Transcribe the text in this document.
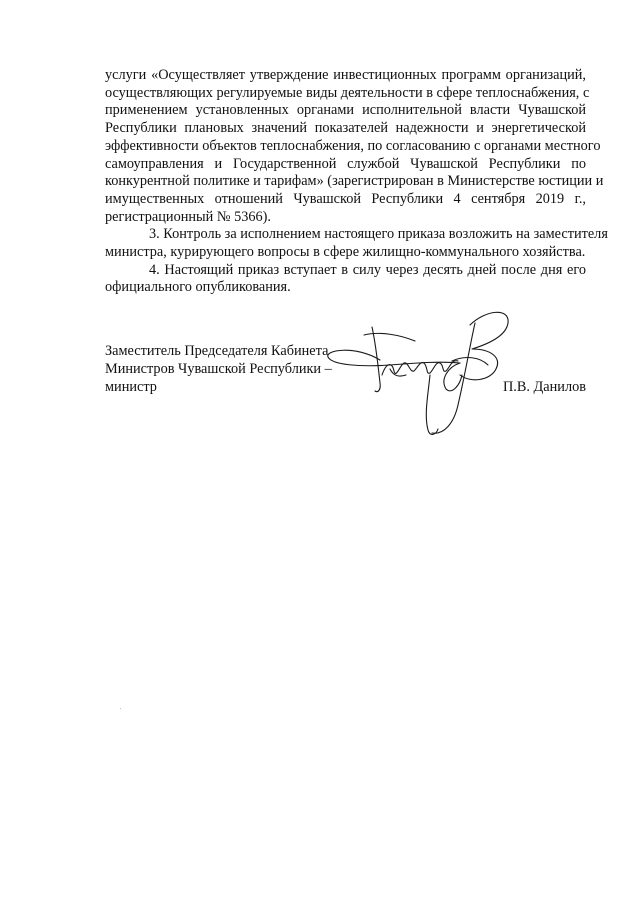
услуги «Осуществляет утверждение инвестиционных программ организаций,
осуществляющих регулируемые виды деятельности в сфере теплоснабжения, с
применением установленных органами исполнительной власти Чувашской
Республики плановых значений показателей надежности и энергетической
эффективности объектов теплоснабжения, по согласованию с органами местного
самоуправления и Государственной службой Чувашской Республики по
конкурентной политике и тарифам» (зарегистрирован в Министерстве юстиции и
имущественных отношений Чувашской Республики 4 сентября 2019 г.,
регистрационный № 5366).

3. Контроль за исполнением настоящего приказа возложить на заместителя
министра, курирующего вопросы в сфере жилищно-коммунального хозяйства.

4. Настоящий приказ вступает в силу через десять дней после дня его
официального опубликования.

Заместитель Председателя Кабинета
Министров Чувашской Республики –
министр	П.В. Данилов
